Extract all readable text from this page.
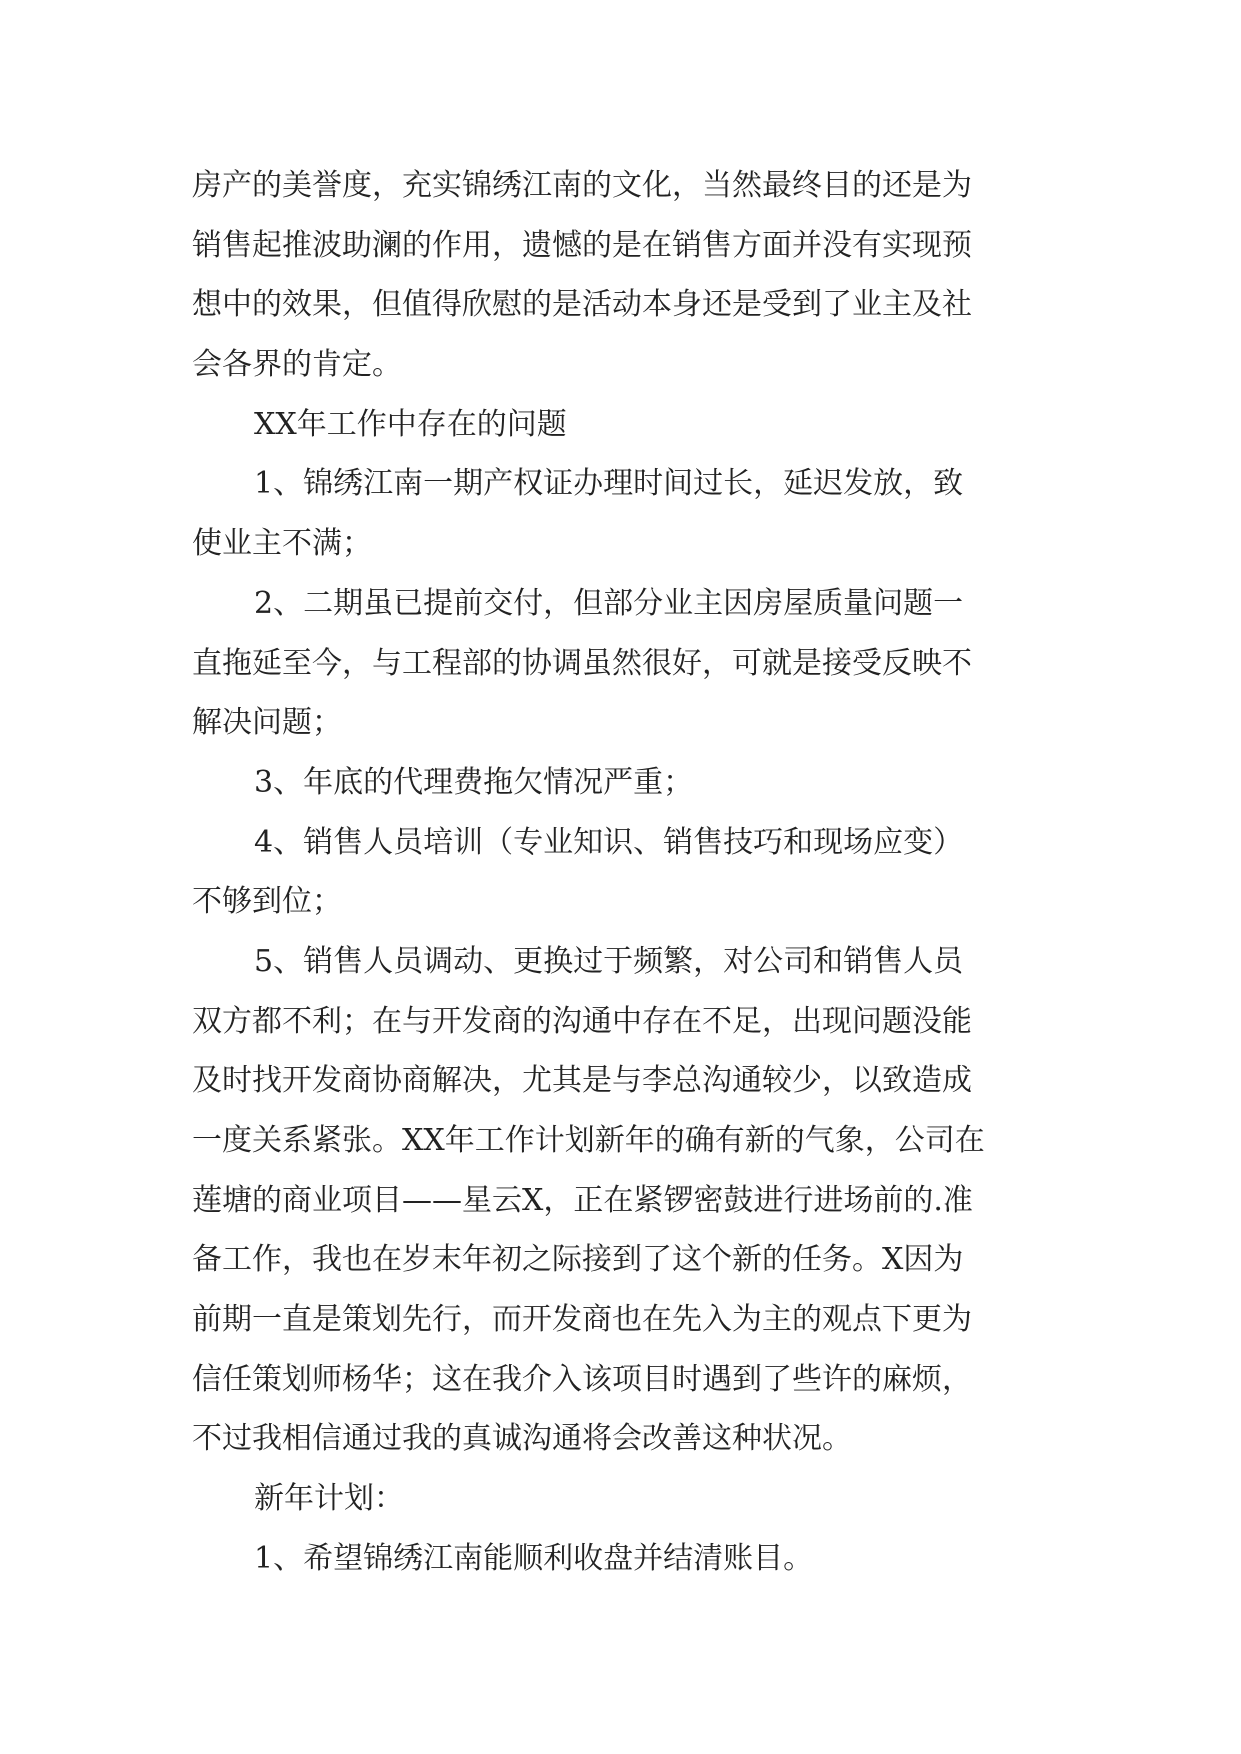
房产的美誉度，充实锦绣江南的文化，当然最终目的还是为
销售起推波助澜的作用，遗憾的是在销售方面并没有实现预
想中的效果，但值得欣慰的是活动本身还是受到了业主及社
会各界的肯定。
XX年工作中存在的问题
1、锦绣江南一期产权证办理时间过长，延迟发放，致
使业主不满；
2、二期虽已提前交付，但部分业主因房屋质量问题一
直拖延至今，与工程部的协调虽然很好，可就是接受反映不
解决问题；
3、年底的代理费拖欠情况严重；
4、销售人员培训（专业知识、销售技巧和现场应变）
不够到位；
5、销售人员调动、更换过于频繁，对公司和销售人员
双方都不利；在与开发商的沟通中存在不足，出现问题没能
及时找开发商协商解决，尤其是与李总沟通较少，以致造成
一度关系紧张。XX年工作计划新年的确有新的气象，公司在
莲塘的商业项目——星云X，正在紧锣密鼓进行进场前的.准
备工作，我也在岁末年初之际接到了这个新的任务。X因为
前期一直是策划先行，而开发商也在先入为主的观点下更为
信任策划师杨华；这在我介入该项目时遇到了些许的麻烦，
不过我相信通过我的真诚沟通将会改善这种状况。
新年计划：
1、希望锦绣江南能顺利收盘并结清账目。
